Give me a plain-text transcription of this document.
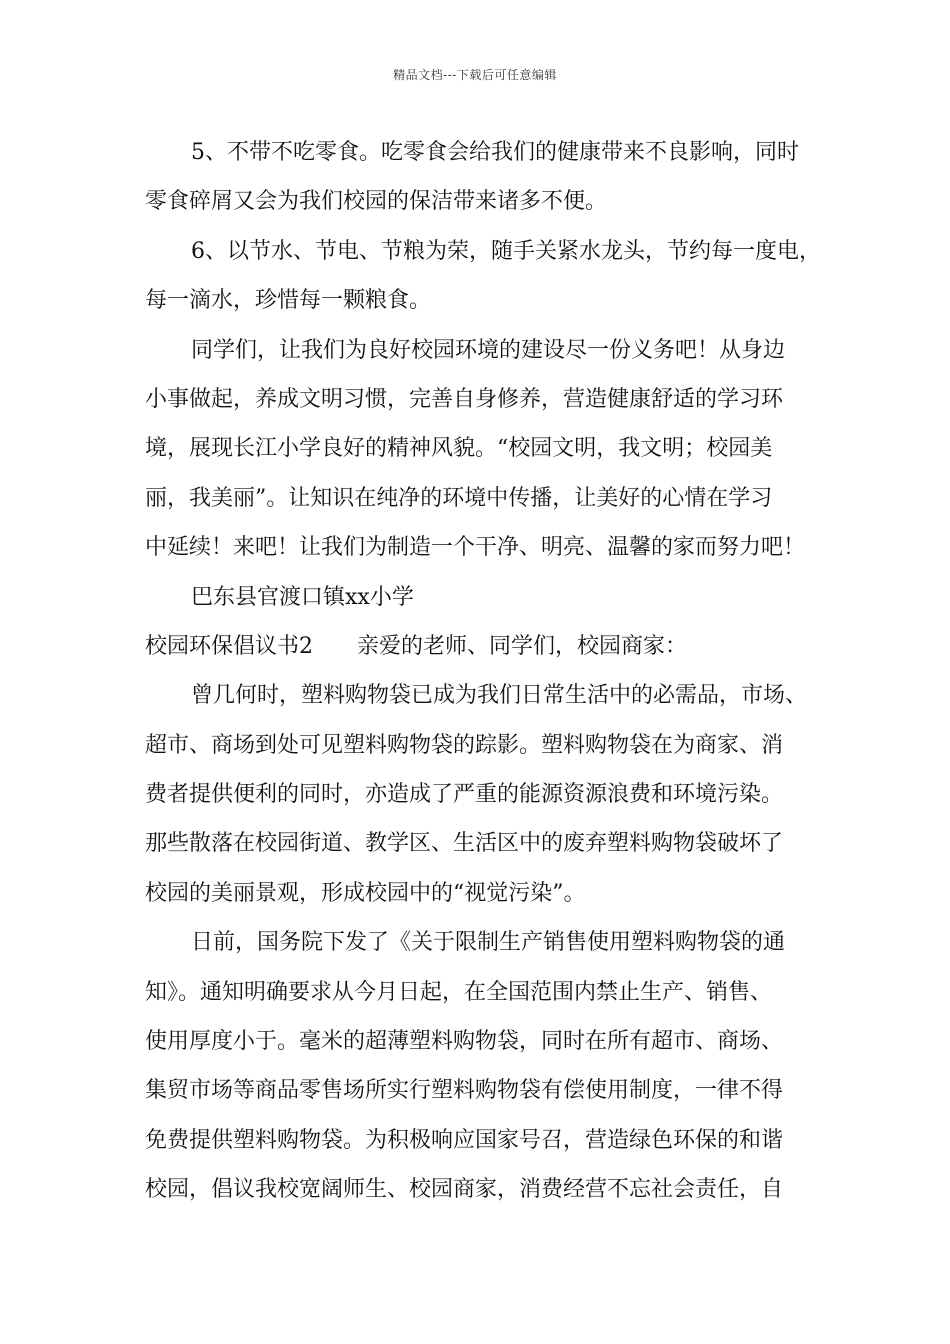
精品文档---下载后可任意编辑
5、不带不吃零食。吃零食会给我们的健康带来不良影响，同时
零食碎屑又会为我们校园的保洁带来诸多不便。
6、以节水、节电、节粮为荣，随手关紧水龙头，节约每一度电，
每一滴水，珍惜每一颗粮食。
同学们，让我们为良好校园环境的建设尽一份义务吧！从身边
小事做起，养成文明习惯，完善自身修养，营造健康舒适的学习环
境，展现长江小学良好的精神风貌。“校园文明，我文明；校园美
丽，我美丽”。让知识在纯净的环境中传播，让美好的心情在学习
中延续！来吧！让我们为制造一个干净、明亮、温馨的家而努力吧！
巴东县官渡口镇xx小学
校园环保倡议书2 亲爱的老师、同学们，校园商家：
曾几何时，塑料购物袋已成为我们日常生活中的必需品，市场、
超市、商场到处可见塑料购物袋的踪影。塑料购物袋在为商家、消
费者提供便利的同时，亦造成了严重的能源资源浪费和环境污染。
那些散落在校园街道、教学区、生活区中的废弃塑料购物袋破坏了
校园的美丽景观，形成校园中的“视觉污染”。
日前，国务院下发了《关于限制生产销售使用塑料购物袋的通
知》。通知明确要求从今月日起，在全国范围内禁止生产、销售、
使用厚度小于。毫米的超薄塑料购物袋，同时在所有超市、商场、
集贸市场等商品零售场所实行塑料购物袋有偿使用制度，一律不得
免费提供塑料购物袋。为积极响应国家号召，营造绿色环保的和谐
校园，倡议我校宽阔师生、校园商家，消费经营不忘社会责任，自
